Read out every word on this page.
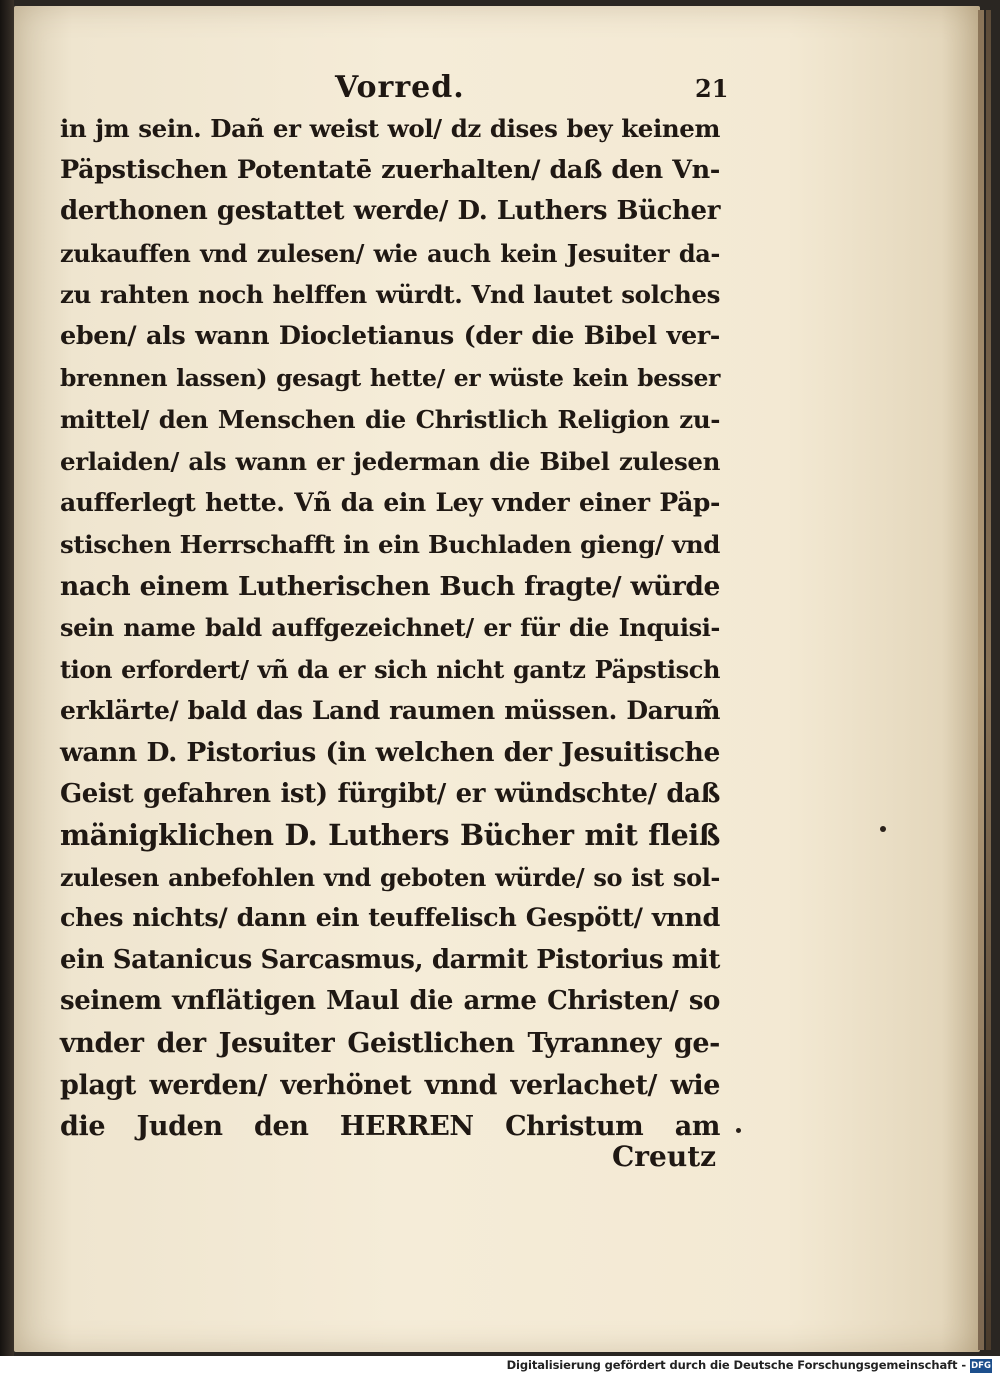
Vorred.	21
in jm sein. Dañ er weist wol/ dz dises bey keinem
Päpstischen Potentatē zuerhalten/ daß den Vn-
derthonen gestattet werde/ D. Luthers Bücher
zukauffen vnd zulesen/ wie auch kein Jesuiter da-
zu rahten noch helffen würdt. Vnd lautet solches
eben/ als wann Diocletianus (der die Bibel ver-
brennen lassen) gesagt hette/ er wüste kein besser
mittel/ den Menschen die Christlich Religion zu-
erlaiden/ als wann er jederman die Bibel zulesen
aufferlegt hette. Vñ da ein Ley vnder einer Päp-
stischen Herrschafft in ein Buchladen gieng/ vnd
nach einem Lutherischen Buch fragte/ würde
sein name bald auffgezeichnet/ er für die Inquisi-
tion erfordert/ vñ da er sich nicht gantz Päpstisch
erklärte/ bald das Land raumen müssen. Darum̃
wann D. Pistorius (in welchen der Jesuitische
Geist gefahren ist) fürgibt/ er wündschte/ daß
mänigklichen D. Luthers Bücher mit fleiß
zulesen anbefohlen vnd geboten würde/ so ist sol-
ches nichts/ dann ein teuffelisch Gespött/ vnnd
ein Satanicus Sarcasmus, darmit Pistorius mit
seinem vnflätigen Maul die arme Christen/ so
vnder der Jesuiter Geistlichen Tyranney ge-
plagt werden/ verhönet vnnd verlachet/ wie
die Juden den HERREN Christum am
Creutz
Digitalisierung gefördert durch die Deutsche Forschungsgemeinschaft - DFG
